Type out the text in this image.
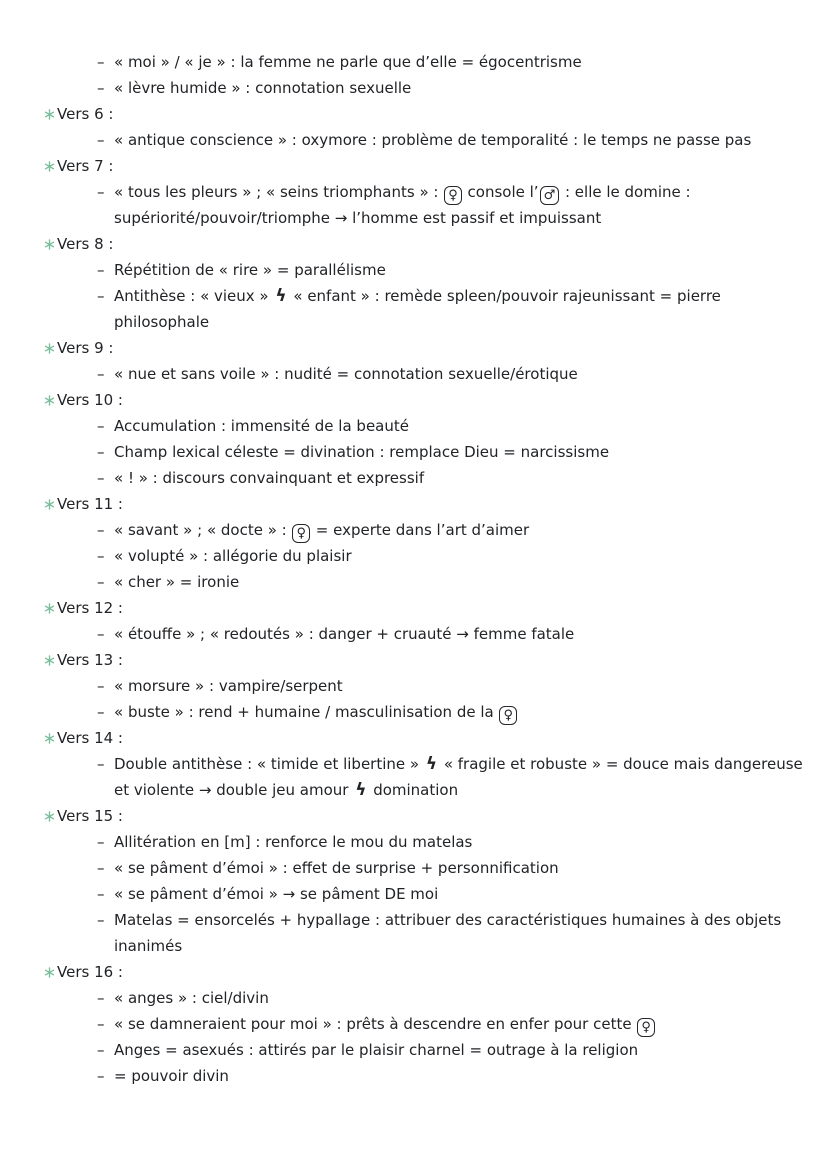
– « moi » / « je » : la femme ne parle que d’elle = égocentrisme
– « lèvre humide » : connotation sexuelle
Vers 6 :
– « antique conscience » : oxymore : problème de temporalité : le temps ne passe pas
Vers 7 :
– « tous les pleurs » ; « seins triomphants » : ♀ console l’ ♂ : elle le domine : supériorité/pouvoir/triomphe → l’homme est passif et impuissant
Vers 8 :
– Répétition de « rire » = parallélisme
– Antithèse : « vieux » ϟ « enfant » : remède spleen/pouvoir rajeunissant = pierre philosophale
Vers 9 :
– « nue et sans voile » : nudité = connotation sexuelle/érotique
Vers 10 :
– Accumulation : immensité de la beauté
– Champ lexical céleste = divination : remplace Dieu = narcissisme
– « ! » : discours convainquant et expressif
Vers 11 :
– « savant » ; « docte » : ♀ = experte dans l’art d’aimer
– « volupté » : allégorie du plaisir
– « cher » = ironie
Vers 12 :
– « étouffe » ; « redoutés » : danger + cruauté → femme fatale
Vers 13 :
– « morsure » : vampire/serpent
– « buste » : rend + humaine / masculinisation de la ♀
Vers 14 :
– Double antithèse : « timide et libertine » ϟ « fragile et robuste » = douce mais dangereuse et violente → double jeu amour ϟ domination
Vers 15 :
– Allitération en [m] : renforce le mou du matelas
– « se pâment d’émoi » : effet de surprise + personnification
– « se pâment d’émoi » → se pâment DE moi
– Matelas = ensorcelés + hypallage : attribuer des caractéristiques humaines à des objets inanimés
Vers 16 :
– « anges » : ciel/divin
– « se damneraient pour moi » : prêts à descendre en enfer pour cette ♀
– Anges = asexués : attirés par le plaisir charnel = outrage à la religion
– = pouvoir divin
